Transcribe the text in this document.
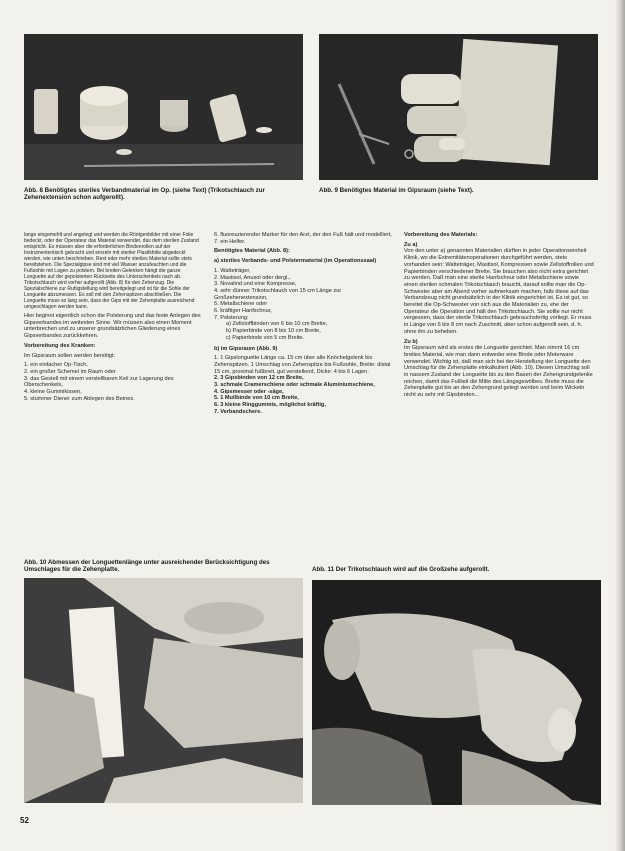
Abb. 8 Benötigtes steriles Verbandmaterial im Op. (siehe Text) (Trikotschlauch zur Zehenextension schon aufgerollt).
Abb. 9 Benötigtes Material im Gipsraum (siehe Text).

lange eingemehlt und angelegt und werden die Röntgenbilder mit einer Folie bedeckt, oder der Operateur das Material verwendet, das dem sterilen Zustand entspricht. Es müssen aber die erforderlichen Bindenrollen auf der Instrumententisch gebracht und einzeln mit steriler Plastikfolie abgedeckt werden, wie unten beschrieben. Rest oder mehr steriles Material sollte stets bereitstehen. Die Spezialgipse sind mit viel Wasser anzufeuchten und die Fußsohle mit Lagen zu polstern. Bei breiten Gelenken hängt die ganze Longuette auf der gepolsterten Rückseite des Unterschenkels nach ab. Trikotschlauch wird vorher aufgerollt (Abb. 8) für den Zehenzug. Die Spezialschiene zur Ruhigstellung wird bereitgelegt und ist für die Sohle der Longuette abzumessen. Es soll mit den Zehenspitzen abschließen. Die Longuette muss so lang sein, dass der Gips mit der Zehenplatte ausreichend umgeschlagen werden kann.

Hier beginnt eigentlich schon die Polsterung und das feste Anlegen des Gipsverbandes im weitesten Sinne. Wir müssen also einen Moment unterbrechen und zu unserer grundsätzlichen Gliederung eines Gipsverbandes zurückkehren.

Vorbereitung des Kranken:

Im Gipsraum sollen werden benötigt:

1. ein einfacher Op-Tisch,
2. ein großer Schemel im Raum oder
3. das Gestell mit einem verstellbaren Keil zur Lagerung des Oberschenkels,
4. kleine Gummikissen,
5. stummer Diener zum Ablegen des Beines.
6. fluoreszierender Marker für den Arzt, der den Fuß hält und modelliert,
7. ein Helfer.

Benötigtes Material (Abb. 8):

a) steriles Verbands- und Polstermaterial (im Operationssaal)

1. Watteträger,
2. Mastisol, Anusol oder dergl.,
3. Novalind und eine Kompresse,
4. sehr dünner Trikotschlauch von 15 cm Länge zur Großzehenextension,
5. Metallschiene oder
6. kräftiger Hanfschnur,
7. Polsterung:
a) Zellstoffbinden von 6 bis 10 cm Breite,
b) Papierbinde von 8 bis 10 cm Breite,
c) Papierbinde von 5 cm Breite.

b) im Gipsraum (Abb. 9)

1. 1 Gipslonguette Länge ca. 15 cm über alle Knöchelgelenk bis Zehenspitzen. 1 Umschlag von Zehenspitze bis Fußsohle, Breite: distal 15 cm, proximal fußbreit, gut verstellend, Dicke: 4 bis 6 Lagen.
2. 3 Gipsbinden von 12 cm Breite,
3. schmale Cramerschiene oder schmale Aluminiumschiene,
4. Gipsmesser oder -säge,
5. 1 Mullbinde von 10 cm Breite,
6. 3 kleine Ringgummis, möglichst kräftig,
7. Verbandschere.

Vorbereitung des Materials:

Zu a)

Von den unter a) genannten Materialien dürften in jeder Operationseinheit Klinik, wo die Extremitätenoperationen durchgeführt werden, stets vorhanden sein: Watteträger, Mastisol, Kompressen sowie Zellstoffrollen und Papierbinden verschiedener Breite. Sie brauchen also nicht extra gerichtet zu werden. Daß man eine sterile Hanfschnur oder Metallschiene sowie einen sterilen schmalen Trikotschlauch braucht, darauf sollte man die Op-Schwester aber am Abend vorher aufmerksam machen, falls diese auf das Verbandzeug nicht grundsätzlich in der Klinik eingerichtet ist. Es ist gut, so bereitet die Op-Schwester von sich aus die Materialien zu, ehe der Operateur die Operation und hält den Trikotschlauch. Sie sollte nur nicht vergessen, dass der sterile Trikotschlauch gebrauchsfertig vorliegt. Er muss in Länge von 6 bis 8 cm nach Zuschnitt, aber schon aufgerollt sein, d. h. ohne ihn zu beheben.

Zu b)

Im Gipsraum wird als erstes die Longuette gerichtet. Man nimmt 16 cm breites Material, wie man dann entweder eine Binde oder Meterware verwendet. Wichtig ist, daß man sich bei der Herstellung der Longuette den Umschlag für die Zehenplatte einkalkuliert (Abb. 10). Diesen Umschlag soll in nassem Zustand der Longuette bis zu den Basen der Zehengrundgelenke reichen, damit das Fußteil die Mitte des Längsgewölbes. Breite muss die Zehenplatte gut bis an den Zehengrund gelegt werden und beim Wickeln nicht zu sehr mit Gipsbinden...

Abb. 10 Abmessen der Longuettenlänge unter ausreichender Berücksichtigung des Umschlages für die Zehenplatte.	Abb. 11 Der Trikotschlauch wird auf die Großzehe aufgerollt.
52
